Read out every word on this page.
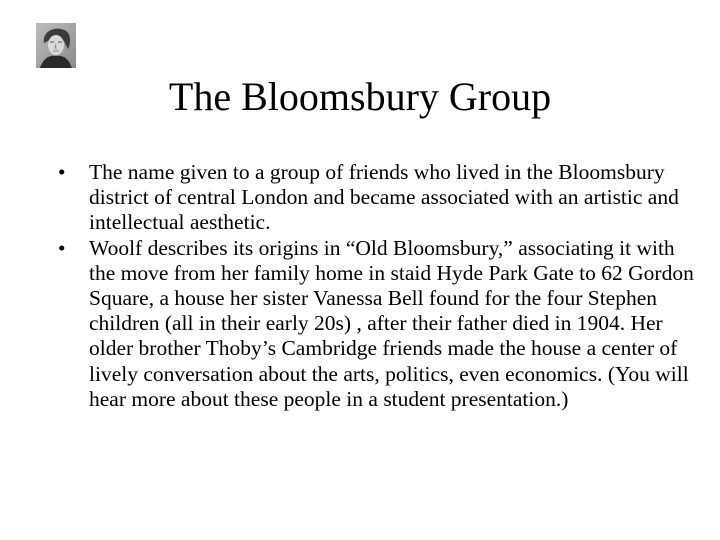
The Bloomsbury Group
•	The name given to a group of friends who lived in the Bloomsbury district of central London and became associated with an artistic and intellectual aesthetic.
•	Woolf describes its origins in “Old Bloomsbury,” associating it with the move from her family home in staid Hyde Park Gate to 62 Gordon Square, a house her sister Vanessa Bell found for the four Stephen children (all in their early 20s) , after their father died in 1904. Her older brother Thoby’s Cambridge friends made the house a center of lively conversation about the arts, politics, even economics. (You will hear more about these people in a student presentation.)
